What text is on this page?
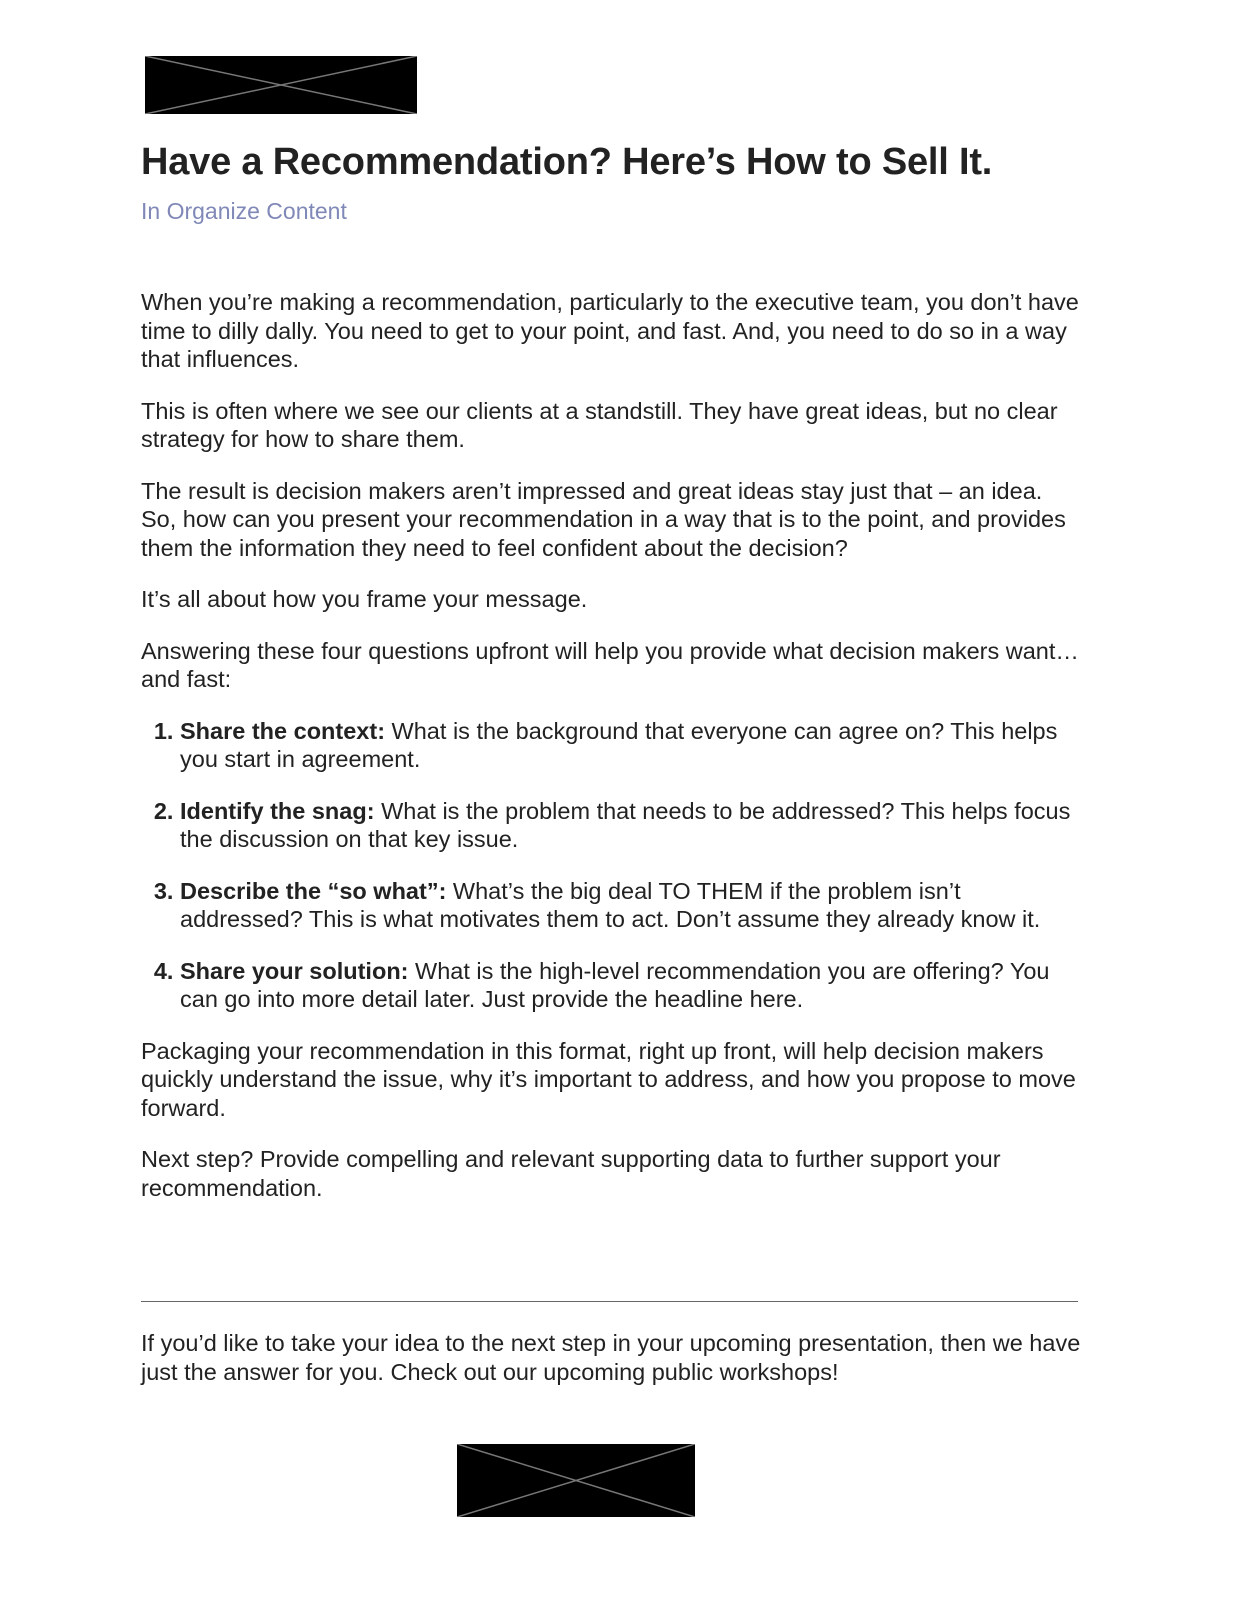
Have a Recommendation? Here’s How to Sell It.

In Organize Content

When you’re making a recommendation, particularly to the executive team, you don’t have time to dilly dally. You need to get to your point, and fast. And, you need to do so in a way that influences.

This is often where we see our clients at a standstill. They have great ideas, but no clear strategy for how to share them.

The result is decision makers aren’t impressed and great ideas stay just that – an idea. So, how can you present your recommendation in a way that is to the point, and provides them the information they need to feel confident about the decision?

It’s all about how you frame your message.

Answering these four questions upfront will help you provide what decision makers want…and fast:

1. Share the context: What is the background that everyone can agree on? This helps you start in agreement.
2. Identify the snag: What is the problem that needs to be addressed? This helps focus the discussion on that key issue.
3. Describe the “so what”: What’s the big deal TO THEM if the problem isn’t addressed? This is what motivates them to act. Don’t assume they already know it.
4. Share your solution: What is the high-level recommendation you are offering? You can go into more detail later. Just provide the headline here.

Packaging your recommendation in this format, right up front, will help decision makers quickly understand the issue, why it’s important to address, and how you propose to move forward.

Next step? Provide compelling and relevant supporting data to further support your recommendation.

If you’d like to take your idea to the next step in your upcoming presentation, then we have just the answer for you. Check out our upcoming public workshops!
